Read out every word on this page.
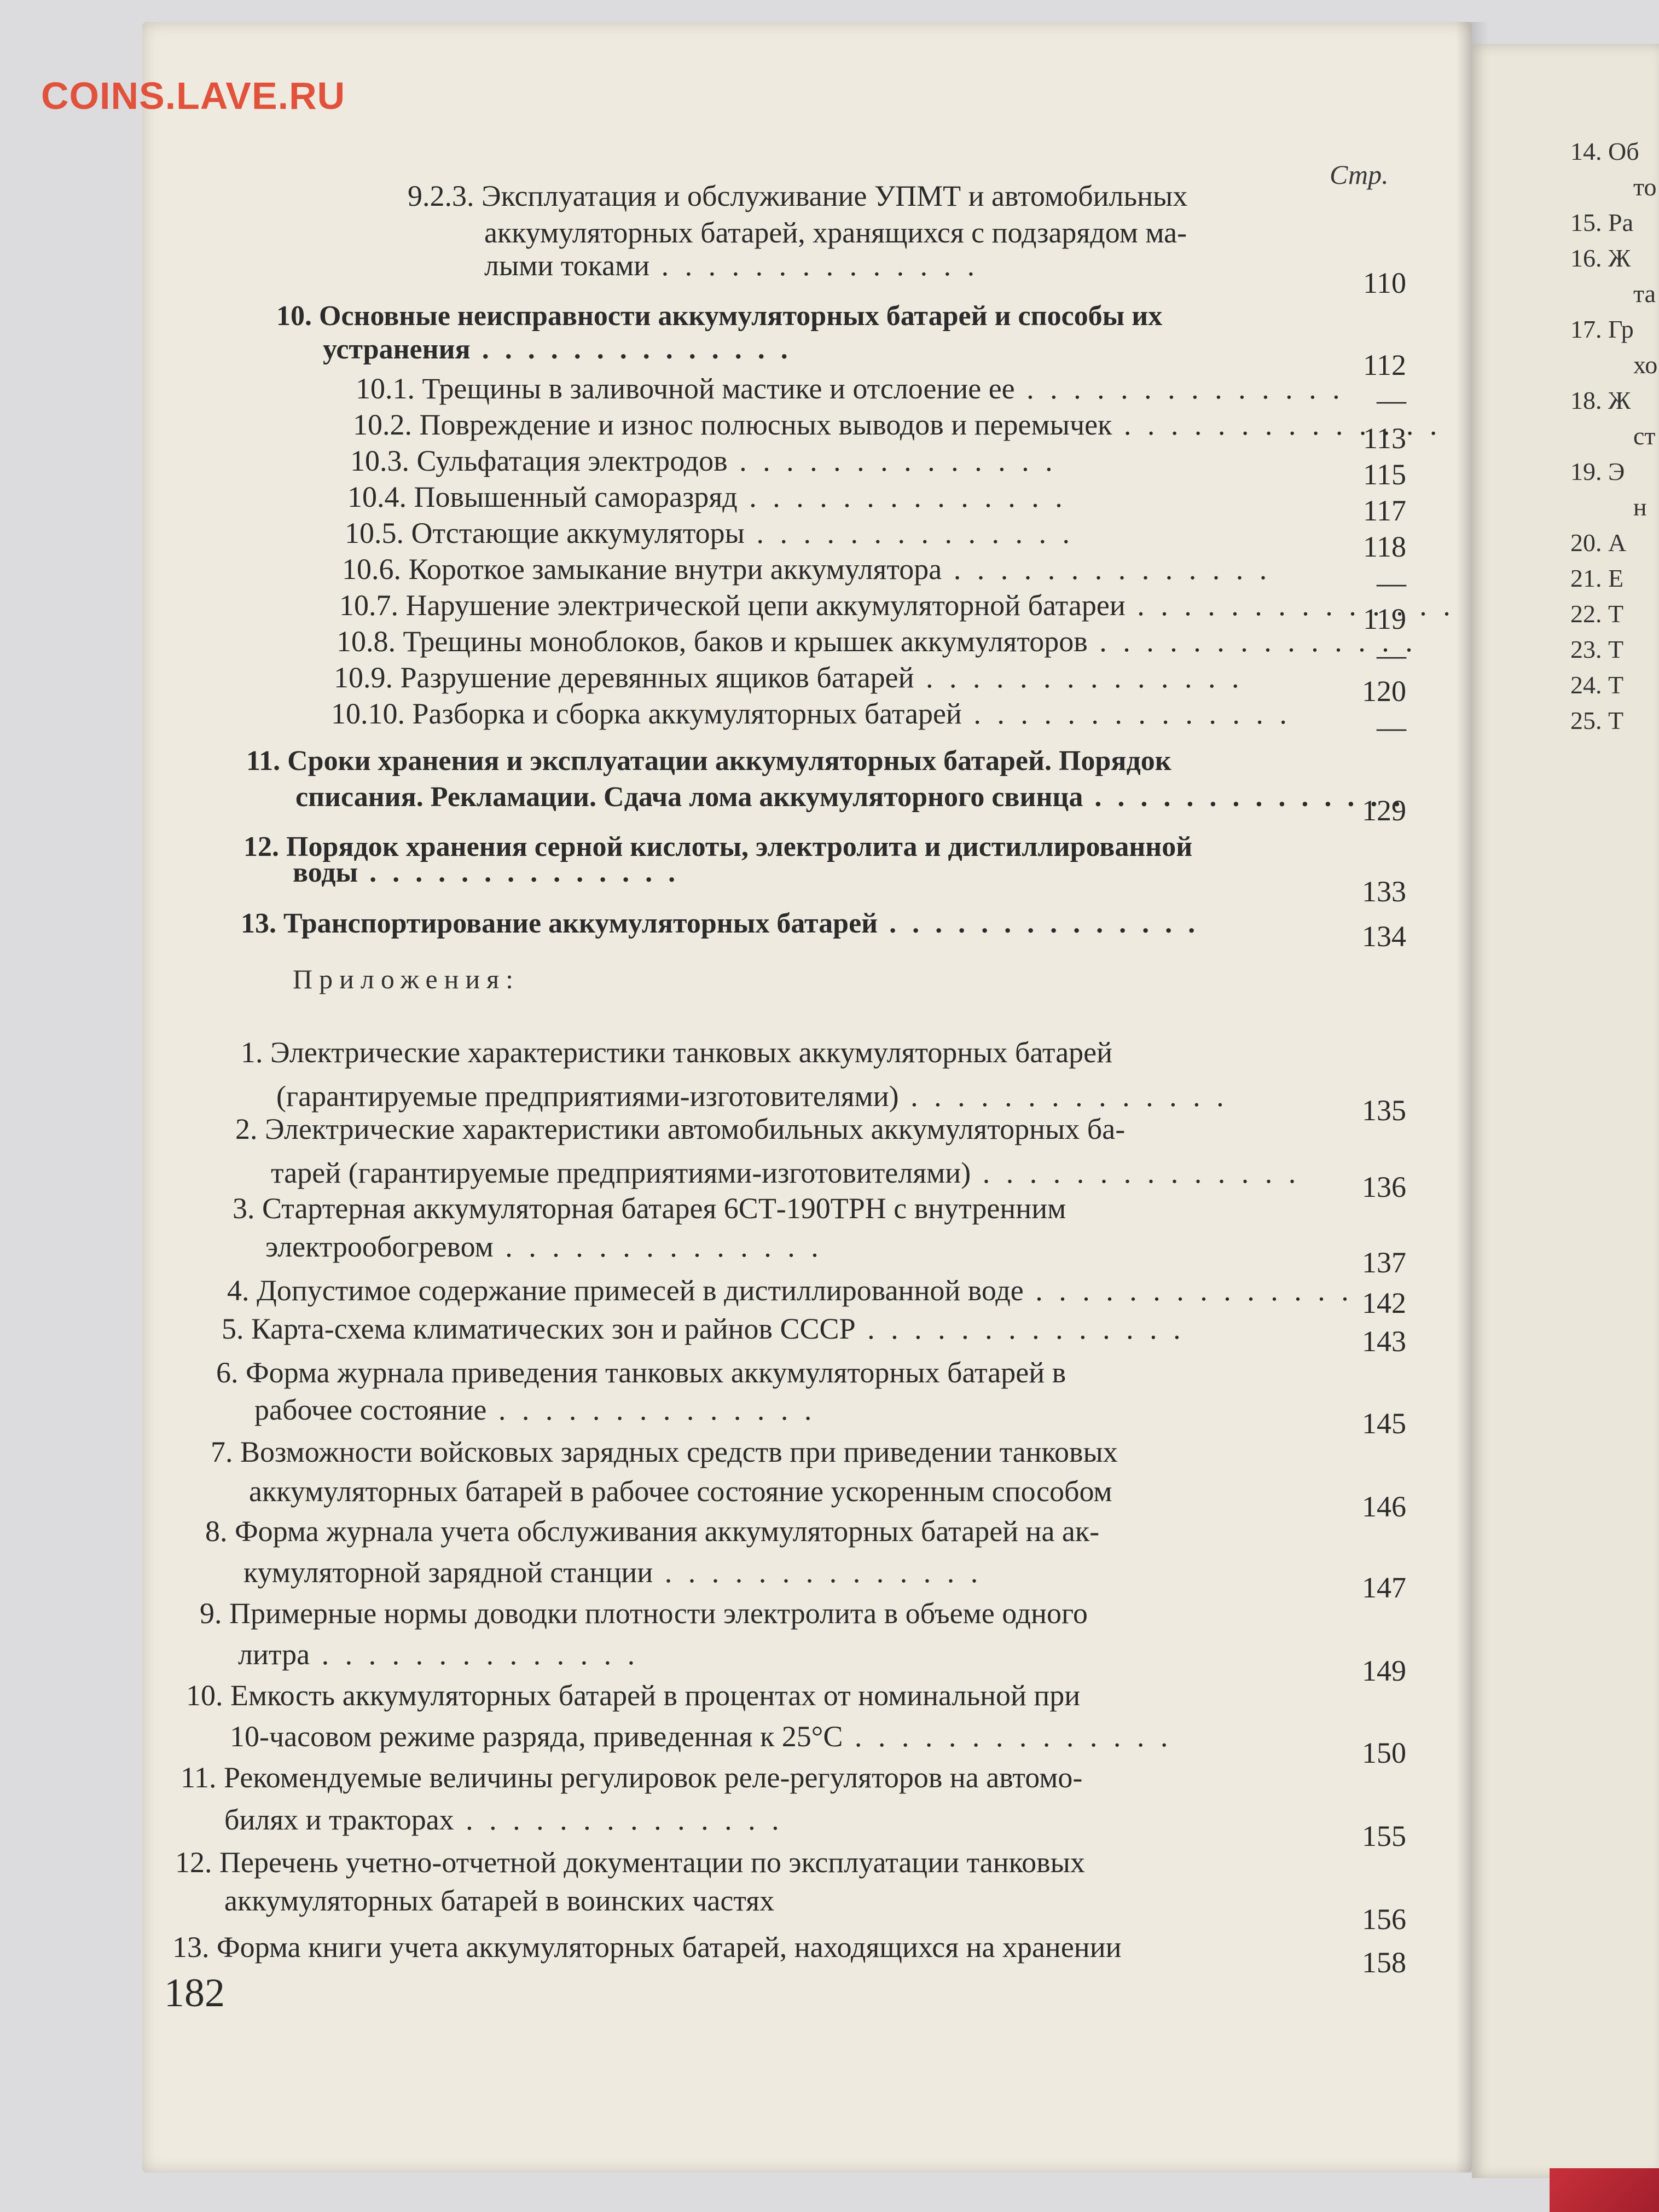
COINS.LAVE.RU
Стр.
9.2.3. Эксплуатация и обслуживание УПМТ и автомобильных
аккумуляторных батарей, хранящихся с подзарядом ма-
лыми токами . . .
110
10. Основные неисправности аккумуляторных батарей и способы их
устранения . . .	112
10.1. Трещины в заливочной мастике и отслоение ее . . .	—
10.2. Повреждение и износ полюсных выводов и перемычек . . .	113
10.3. Сульфатация электродов . . .	115
10.4. Повышенный саморазряд . . .	117
10.5. Отстающие аккумуляторы . . .	118
10.6. Короткое замыкание внутри аккумулятора . . .	—
10.7. Нарушение электрической цепи аккумуляторной батареи . . .	119
10.8. Трещины моноблоков, баков и крышек аккумуляторов . . .	—
10.9. Разрушение деревянных ящиков батарей . . .	120
10.10. Разборка и сборка аккумуляторных батарей . . .	—
11. Сроки хранения и эксплуатации аккумуляторных батарей. Порядок
списания. Рекламации. Сдача лома аккумуляторного свинца . . .	129
12. Порядок хранения серной кислоты, электролита и дистиллированной
воды . . .
133
13. Транспортирование аккумуляторных батарей . . .	134
Приложения:
1. Электрические характеристики танковых аккумуляторных батарей
(гарантируемые предприятиями-изготовителями) . . .	135
2. Электрические характеристики автомобильных аккумуляторных ба-
тарей (гарантируемые предприятиями-изготовителями) . . .	136
3. Стартерная аккумуляторная батарея 6СТ-190ТРН с внутренним
электрообогревом . . .	137
4. Допустимое содержание примесей в дистиллированной воде . . .	142
5. Карта-схема климатических зон и райнов СССР . . .	143
6. Форма журнала приведения танковых аккумуляторных батарей в
рабочее состояние . . .	145
7. Возможности войсковых зарядных средств при приведении танковых
аккумуляторных батарей в рабочее состояние ускоренным способом	146
8. Форма журнала учета обслуживания аккумуляторных батарей на ак-
кумуляторной зарядной станции . . .	147
9. Примерные нормы доводки плотности электролита в объеме одного
литра . . .	149
10. Емкость аккумуляторных батарей в процентах от номинальной при
10-часовом режиме разряда, приведенная к 25°С . . .	150
11. Рекомендуемые величины регулировок реле-регуляторов на автомо-
билях и тракторах . . .	155
12. Перечень учетно-отчетной документации по эксплуатации танковых
аккумуляторных батарей в воинских частях
156
13. Форма книги учета аккумуляторных батарей, находящихся на хранении	158
182
14. Об
то
15. Ра
16. Ж
та
17. Гр
хо
18. Ж
ст
19. Э
н
20. А
21. Е
22. Т
23. Т
24. Т
25. Т
